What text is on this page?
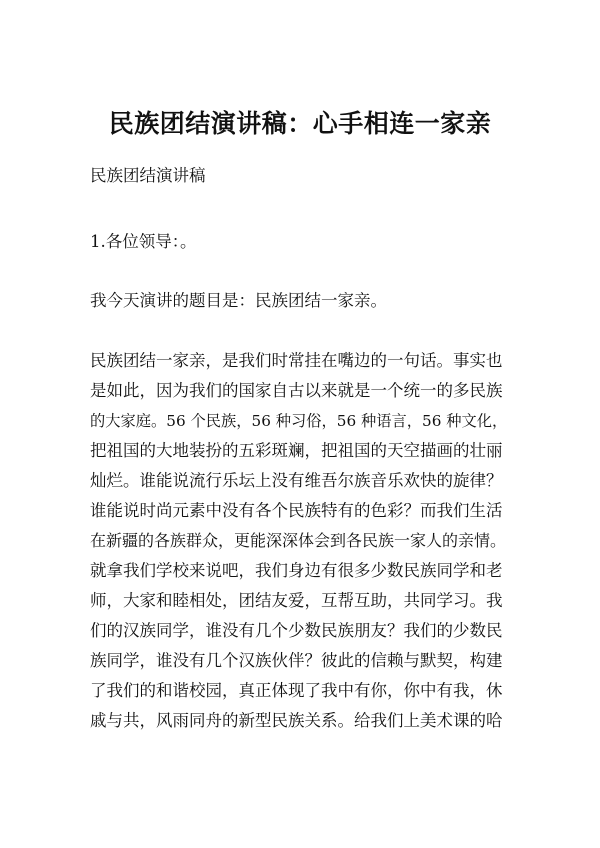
民族团结演讲稿：心手相连一家亲

民族团结演讲稿

1.各位领导：。

我今天演讲的题目是：民族团结一家亲。

民族团结一家亲，是我们时常挂在嘴边的一句话。事实也

是如此，因为我们的国家自古以来就是一个统一的多民族

的大家庭。56 个民族，56 种习俗，56 种语言，56 种文化，

把祖国的大地装扮的五彩斑斓，把祖国的天空描画的壮丽

灿烂。谁能说流行乐坛上没有维吾尔族音乐欢快的旋律？

谁能说时尚元素中没有各个民族特有的色彩？而我们生活

在新疆的各族群众，更能深深体会到各民族一家人的亲情。

就拿我们学校来说吧，我们身边有很多少数民族同学和老

师，大家和睦相处，团结友爱，互帮互助，共同学习。我

们的汉族同学，谁没有几个少数民族朋友？我们的少数民

族同学，谁没有几个汉族伙伴？彼此的信赖与默契，构建

了我们的和谐校园，真正体现了我中有你，你中有我，休

戚与共，风雨同舟的新型民族关系。给我们上美术课的哈
